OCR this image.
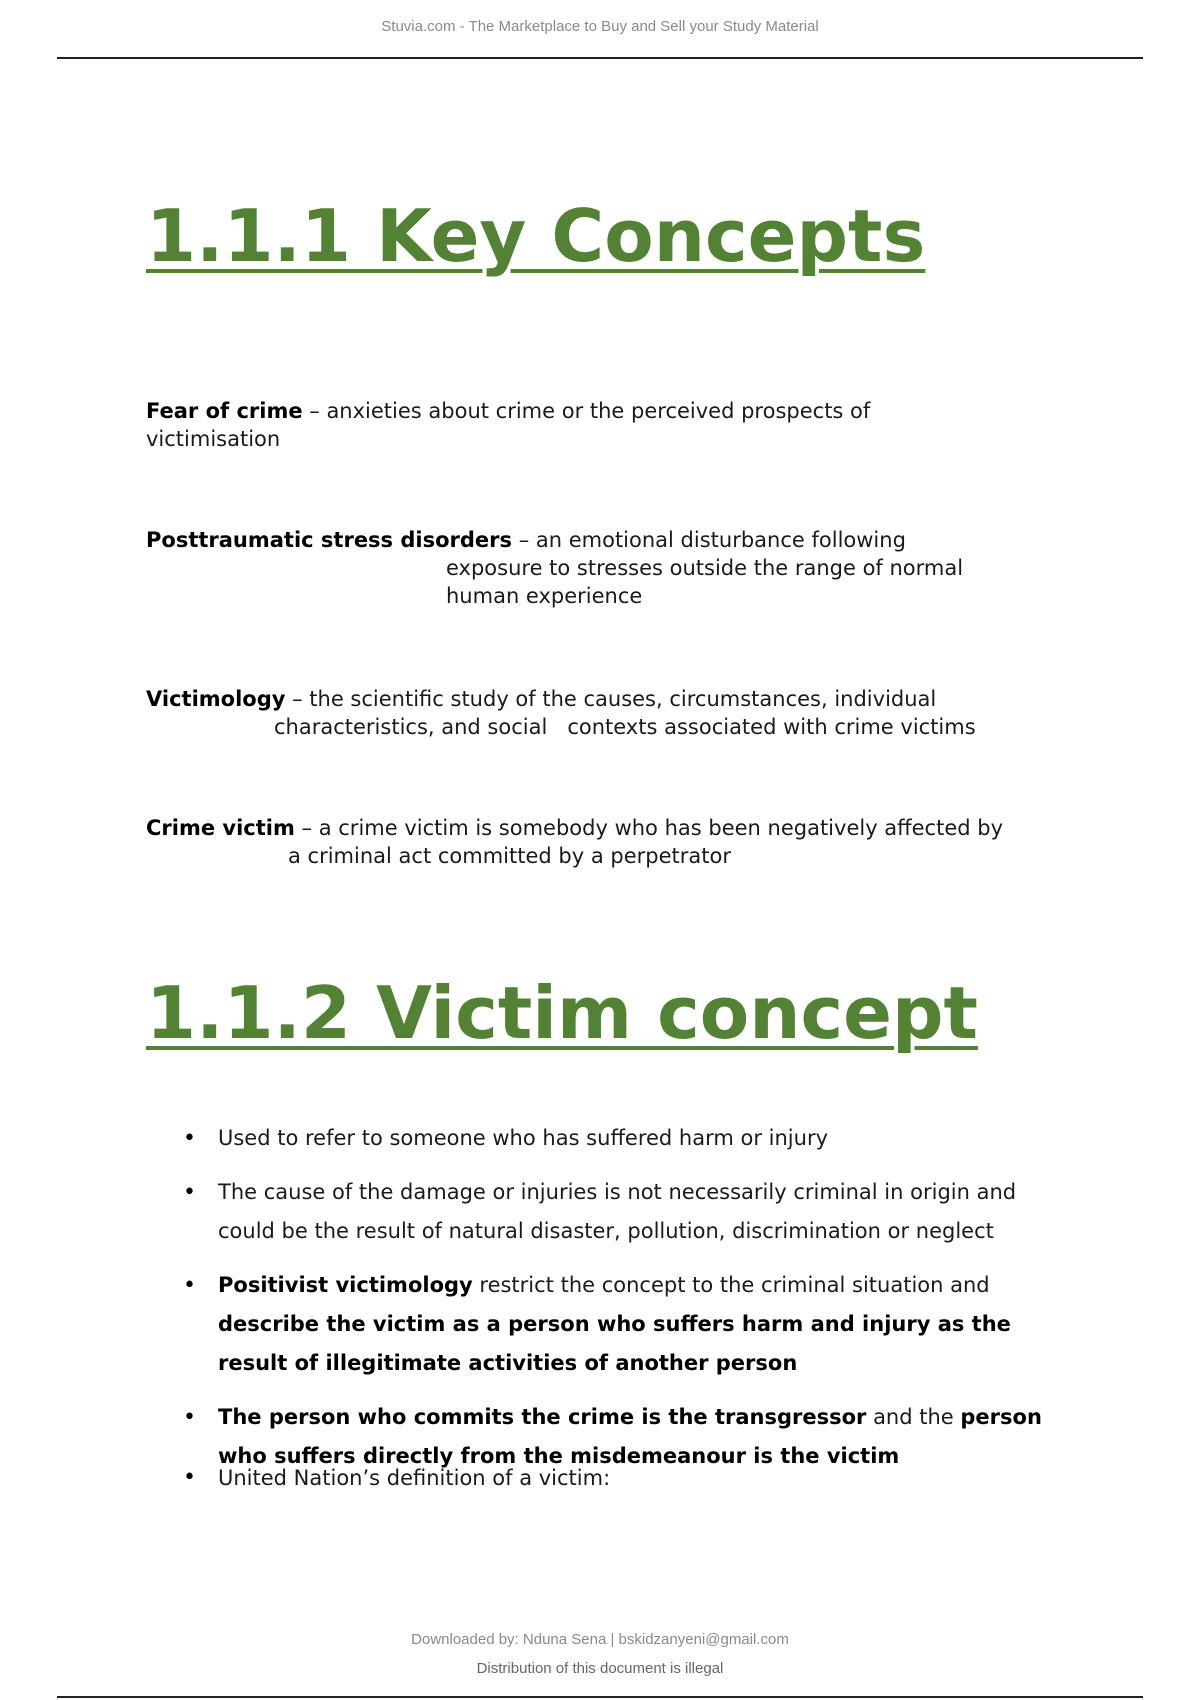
Stuvia.com - The Marketplace to Buy and Sell your Study Material
1.1.1 Key Concepts
Fear of crime – anxieties about crime or the perceived prospects of
victimisation
Posttraumatic stress disorders – an emotional disturbance following
exposure to stresses outside the range of normal
human experience
Victimology – the scientific study of the causes, circumstances, individual
characteristics, and social   contexts associated with crime victims
Crime victim – a crime victim is somebody who has been negatively affected by
a criminal act committed by a perpetrator
1.1.2 Victim concept
• Used to refer to someone who has suffered harm or injury
• The cause of the damage or injuries is not necessarily criminal in origin and could be the result of natural disaster, pollution, discrimination or neglect
• Positivist victimology restrict the concept to the criminal situation and describe the victim as a person who suffers harm and injury as the result of illegitimate activities of another person
• The person who commits the crime is the transgressor and the person who suffers directly from the misdemeanour is the victim
• United Nation’s definition of a victim:
Downloaded by: Nduna Sena | bskidzanyeni@gmail.com
Distribution of this document is illegal
